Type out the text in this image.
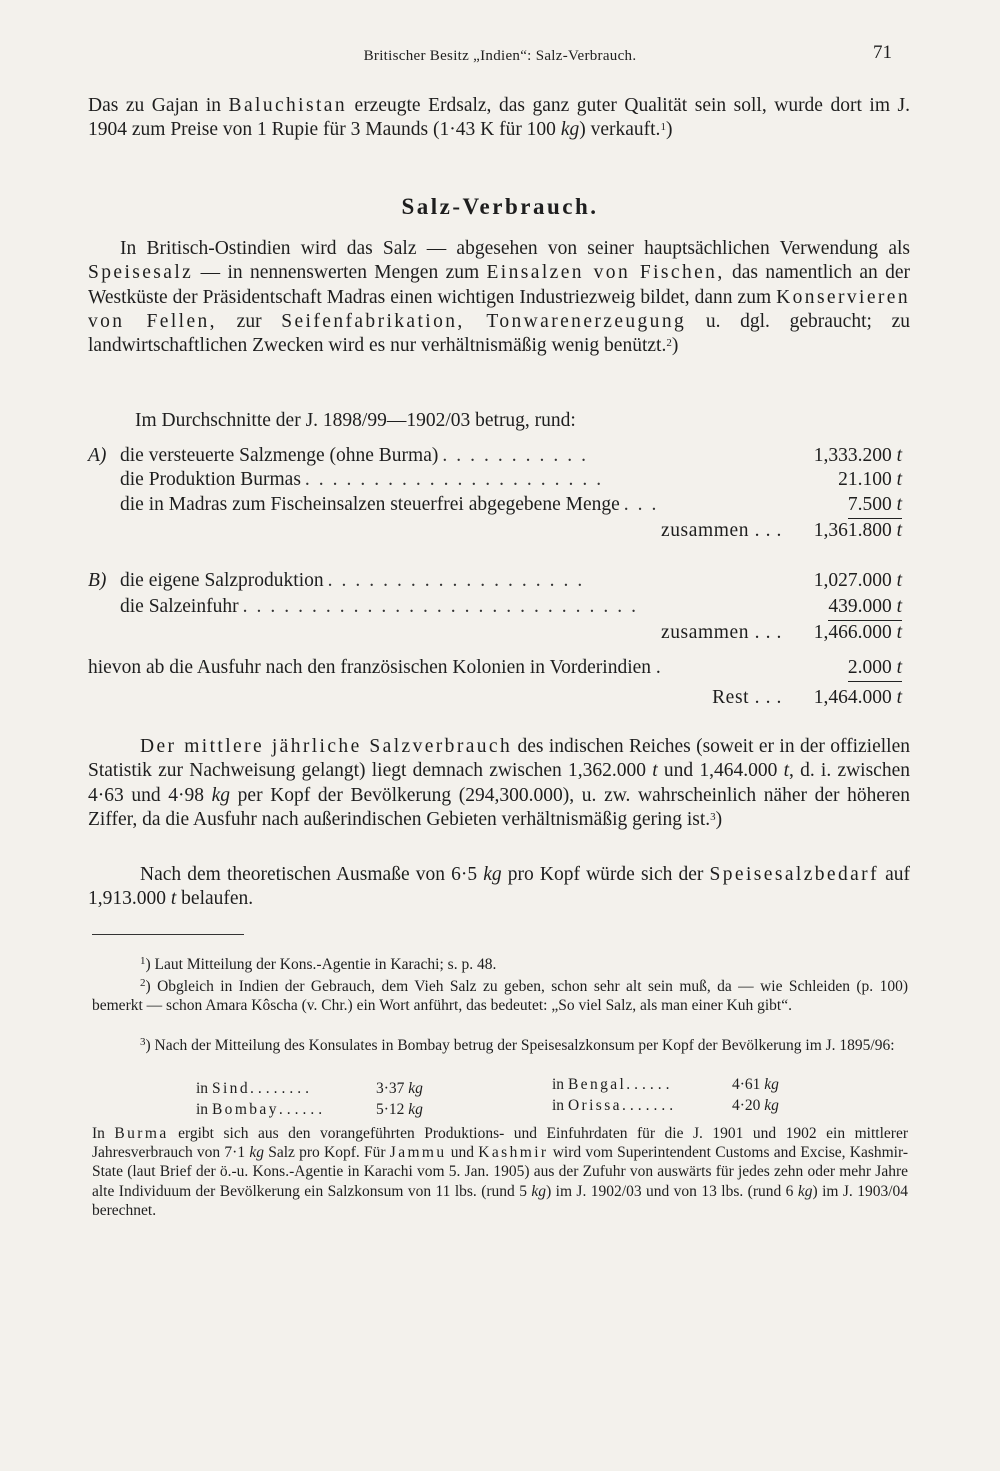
Britischer Besitz „Indien“: Salz-Verbrauch.	71

Das zu Gajan in Baluchistan erzeugte Erdsalz, das ganz guter Qualität sein soll, wurde dort im J. 1904 zum Preise von 1 Rupie für 3 Maunds (1·43 K für 100 kg) verkauft.$^1$)

Salz-Verbrauch.

In Britisch-Ostindien wird das Salz — abgesehen von seiner hauptsächlichen Verwendung als Speisesalz — in nennenswerten Mengen zum Einsalzen von Fischen, das namentlich an der Westküste der Präsidentschaft Madras einen wichtigen Industriezweig bildet, dann zum Konservieren von Fellen, zur Seifenfabrikation, Tonwarenerzeugung u. dgl. gebraucht; zu landwirtschaftlichen Zwecken wird es nur verhältnismäßig wenig benützt.$^2$)

Im Durchschnitte der J. 1898/99—1902/03 betrug, rund:

A) die versteuerte Salzmenge (ohne Burma) ...........	1,333.200 t
die Produktion Burmas ......................	21.100 t
die in Madras zum Fischeinsalzen steuerfrei abgegebene Menge ...	7.500 t
zusammen . . . 1,361.800 t
B) die eigene Salzproduktion ...................	1,027.000 t
die Salzeinfuhr .............................	439.000 t
zusammen . . . 1,466.000 t
hievon ab die Ausfuhr nach den französischen Kolonien in Vorderindien .	2.000 t
Rest . . . 1,464.000 t

Der mittlere jährliche Salzverbrauch des indischen Reiches (soweit er in der offiziellen Statistik zur Nachweisung gelangt) liegt demnach zwischen 1,362.000 t und 1,464.000 t, d. i. zwischen 4·63 und 4·98 kg per Kopf der Bevölkerung (294,300.000), u. zw. wahrscheinlich näher der höheren Ziffer, da die Ausfuhr nach außerindischen Gebieten verhältnismäßig gering ist.$^3$)

Nach dem theoretischen Ausmaße von 6·5 kg pro Kopf würde sich der Speisesalzbedarf auf 1,913.000 t belaufen.

$^1$) Laut Mitteilung der Kons.-Agentie in Karachi; s. p. 48.

$^2$) Obgleich in Indien der Gebrauch, dem Vieh Salz zu geben, schon sehr alt sein muß, da — wie Schleiden (p. 100) bemerkt — schon Amara Kôscha (v. Chr.) ein Wort anführt, das bedeutet: „So viel Salz, als man einer Kuh gibt“.

$^3$) Nach der Mitteilung des Konsulates in Bombay betrug der Speisesalzkonsum per Kopf der Bevölkerung im J. 1895/96:

in Sind........	3·37 kg
in Bombay......	5·12 kg
in Bengal......	4·61 kg
in Orissa.......	4·20 kg

In Burma ergibt sich aus den vorangeführten Produktions- und Einfuhrdaten für die J. 1901 und 1902 ein mittlerer Jahresverbrauch von 7·1 kg Salz pro Kopf. Für Jammu und Kashmir wird vom Superintendent Customs and Excise, Kashmir-State (laut Brief der ö.-u. Kons.-Agentie in Karachi vom 5. Jan. 1905) aus der Zufuhr von auswärts für jedes zehn oder mehr Jahre alte Individuum der Bevölkerung ein Salzkonsum von 11 lbs. (rund 5 kg) im J. 1902/03 und von 13 lbs. (rund 6 kg) im J. 1903/04 berechnet.
